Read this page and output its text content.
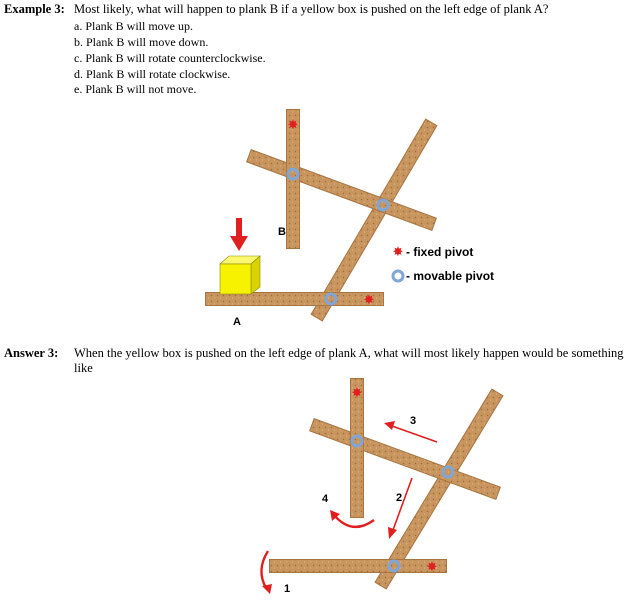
Example 3: Most likely, what will happen to plank B if a yellow box is pushed on the left edge of plank A?
a. Plank B will move up.
b. Plank B will move down.
c. Plank B will rotate counterclockwise.
d. Plank B will rotate clockwise.
e. Plank B will not move.
✸
✸
B
A
✸ - fixed pivot
- movable pivot
Answer 3: When the yellow box is pushed on the left edge of plank A, what will most likely happen would be something like
✸
✸
3
2
4
1
